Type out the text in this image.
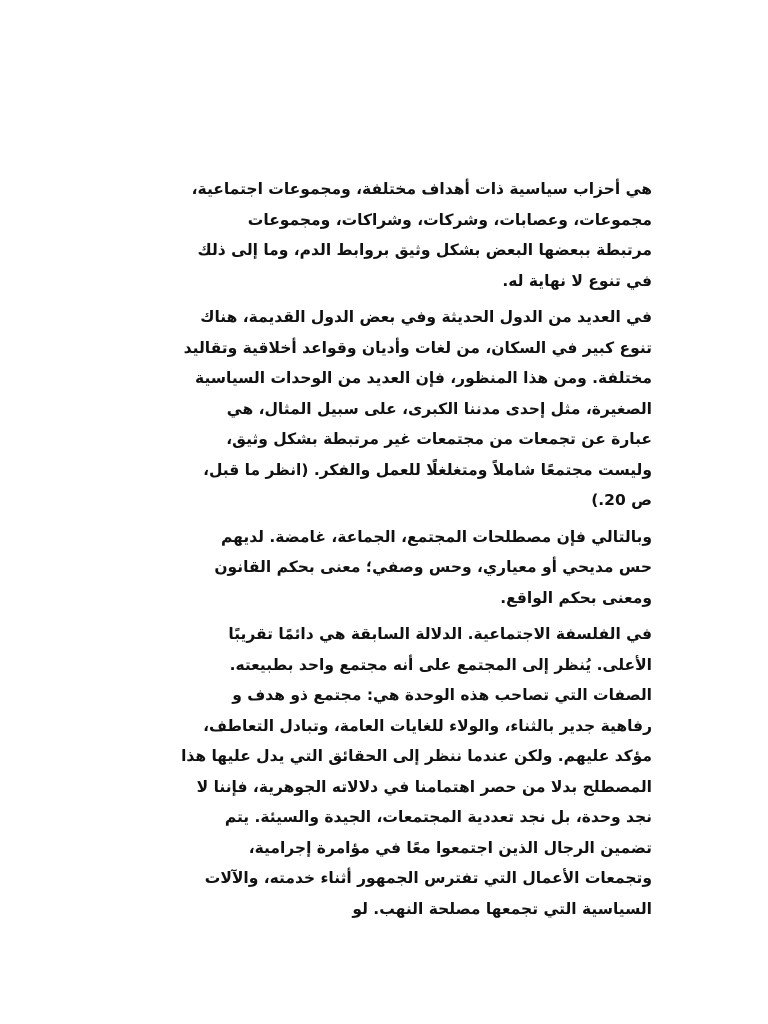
هي أحزاب سياسية ذات أهداف مختلفة، ومجموعات اجتماعية،
مجموعات، وعصابات، وشركات، وشراكات، ومجموعات
مرتبطة ببعضها البعض بشكل وثيق بروابط الدم، وما إلى ذلك
في تنوع لا نهاية له.

في العديد من الدول الحديثة وفي بعض الدول القديمة، هناك
تنوع كبير في السكان، من لغات وأديان وقواعد أخلاقية وتقاليد
مختلفة. ومن هذا المنظور، فإن العديد من الوحدات السياسية
الصغيرة، مثل إحدى مدننا الكبرى، على سبيل المثال، هي
عبارة عن تجمعات من مجتمعات غير مرتبطة بشكل وثيق،
وليست مجتمعًا شاملاً ومتغلغلًا للعمل والفكر. (انظر ما قبل،
ص 20.)

وبالتالي فإن مصطلحات المجتمع، الجماعة، غامضة. لديهم
حس مديحي أو معياري، وحس وصفي؛ معنى بحكم القانون
ومعنى بحكم الواقع.

في الفلسفة الاجتماعية. الدلالة السابقة هي دائمًا تقريبًا
الأعلى. يُنظر إلى المجتمع على أنه مجتمع واحد بطبيعته.
الصفات التي تصاحب هذه الوحدة هي: مجتمع ذو هدف و
رفاهية جدير بالثناء، والولاء للغايات العامة، وتبادل التعاطف،
مؤكد عليهم. ولكن عندما ننظر إلى الحقائق التي يدل عليها هذا
المصطلح بدلا من حصر اهتمامنا في دلالاته الجوهرية، فإننا لا
نجد وحدة، بل نجد تعددية المجتمعات، الجيدة والسيئة. يتم
تضمين الرجال الذين اجتمعوا معًا في مؤامرة إجرامية،
وتجمعات الأعمال التي تفترس الجمهور أثناء خدمته، والآلات
السياسية التي تجمعها مصلحة النهب. لو
